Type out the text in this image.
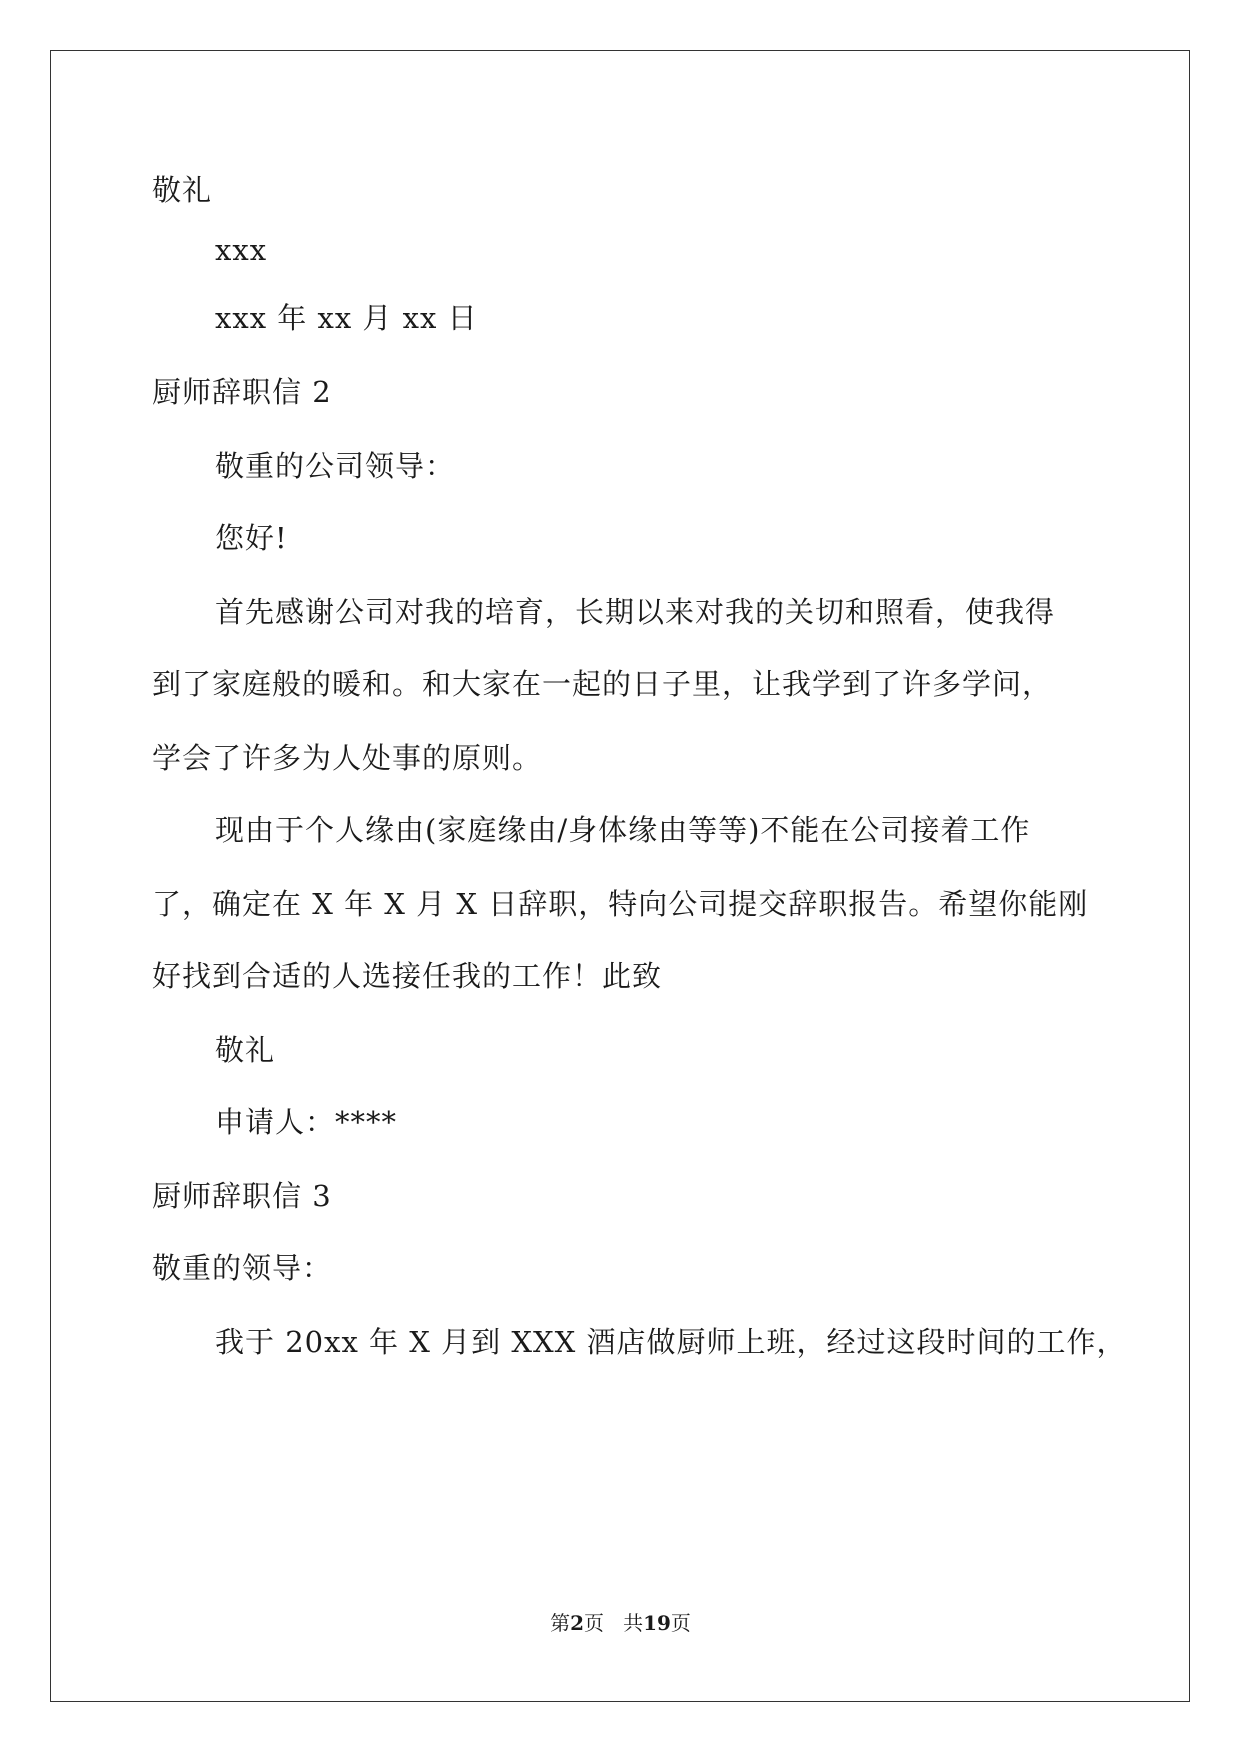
敬礼
xxx
xxx 年 xx 月 xx 日
厨师辞职信 2
敬重的公司领导：
您好!
首先感谢公司对我的培育，长期以来对我的关切和照看，使我得
到了家庭般的暖和。和大家在一起的日子里，让我学到了许多学问，
学会了许多为人处事的原则。
现由于个人缘由(家庭缘由/身体缘由等等)不能在公司接着工作
了，确定在 X 年 X 月 X 日辞职，特向公司提交辞职报告。希望你能刚
好找到合适的人选接任我的工作！此致
敬礼
申请人：****
厨师辞职信 3
敬重的领导：
我于 20xx 年 X 月到 XXX 酒店做厨师上班，经过这段时间的工作，
第2页   共19页
